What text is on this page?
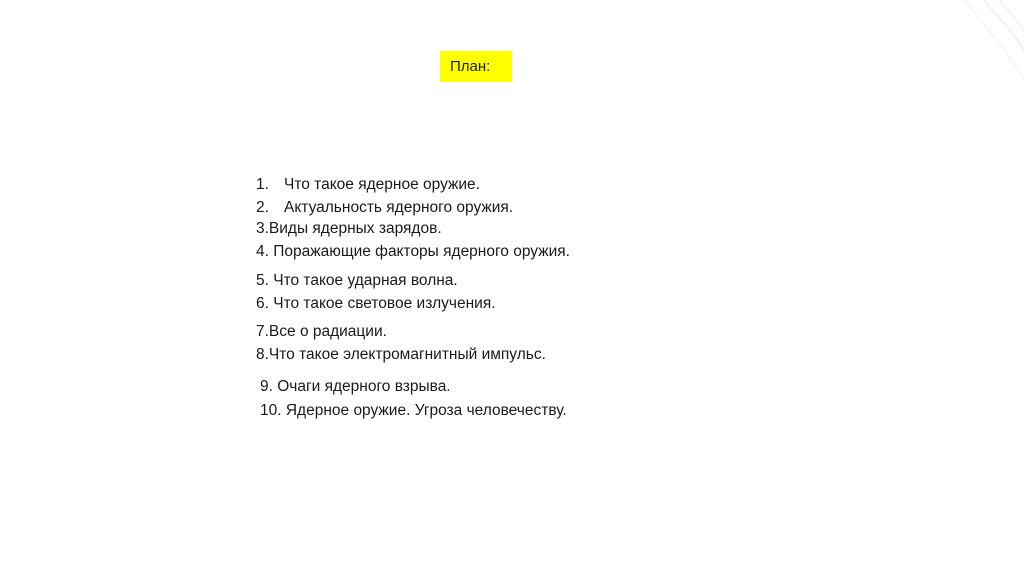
План:
1. Что такое ядерное оружие.
2. Актуальность ядерного оружия.
3.Виды ядерных зарядов.
4. Поражающие факторы ядерного оружия.
5. Что такое ударная волна.
6. Что такое световое излучения.
7.Все о радиации.
8.Что такое электромагнитный импульс.
9. Очаги ядерного взрыва.
10. Ядерное оружие. Угроза человечеству.
